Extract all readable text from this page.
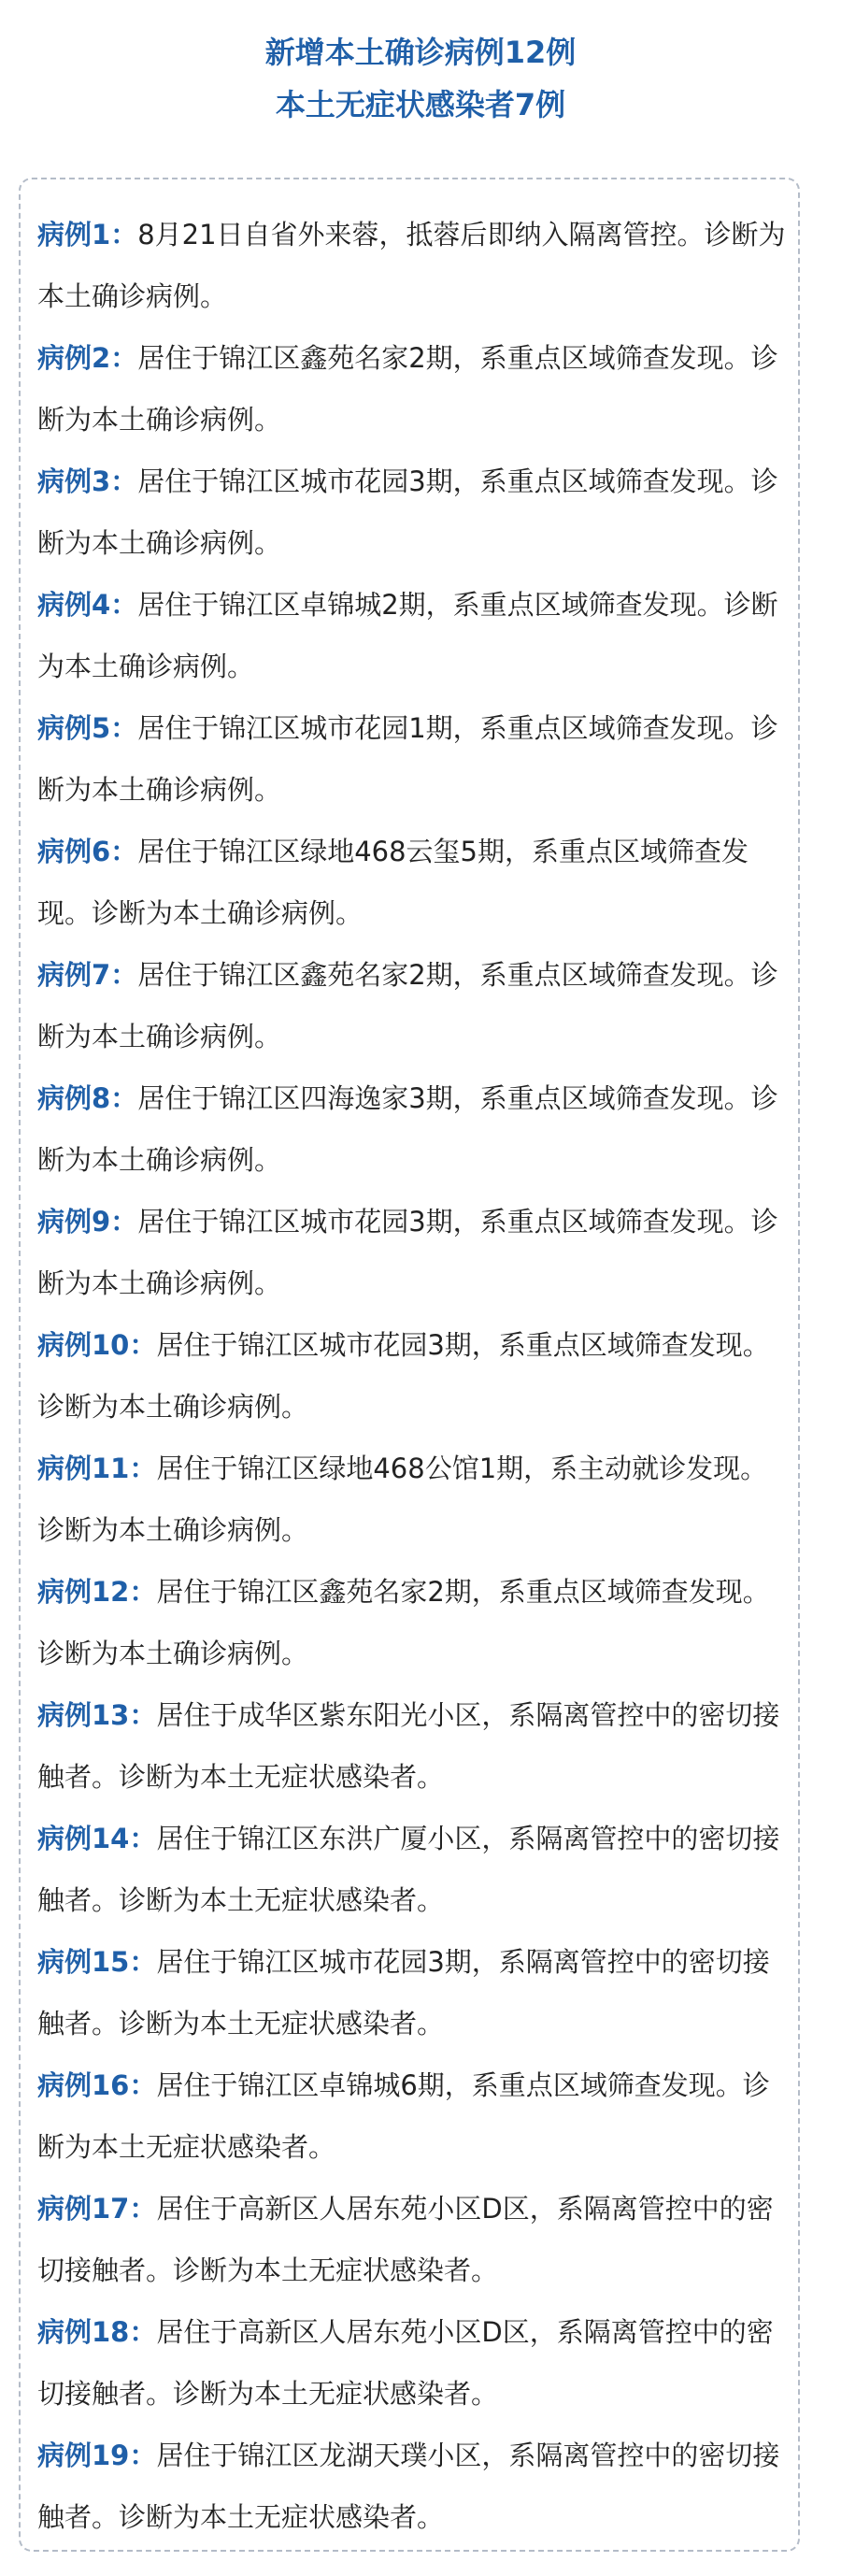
新增本土确诊病例12例
本土无症状感染者7例
病例1：8月21日自省外来蓉，抵蓉后即纳入隔离管控。诊断为本土确诊病例。
病例2：居住于锦江区鑫苑名家2期，系重点区域筛查发现。诊断为本土确诊病例。
病例3：居住于锦江区城市花园3期，系重点区域筛查发现。诊断为本土确诊病例。
病例4：居住于锦江区卓锦城2期，系重点区域筛查发现。诊断为本土确诊病例。
病例5：居住于锦江区城市花园1期，系重点区域筛查发现。诊断为本土确诊病例。
病例6：居住于锦江区绿地468云玺5期，系重点区域筛查发现。诊断为本土确诊病例。
病例7：居住于锦江区鑫苑名家2期，系重点区域筛查发现。诊断为本土确诊病例。
病例8：居住于锦江区四海逸家3期，系重点区域筛查发现。诊断为本土确诊病例。
病例9：居住于锦江区城市花园3期，系重点区域筛查发现。诊断为本土确诊病例。
病例10：居住于锦江区城市花园3期，系重点区域筛查发现。诊断为本土确诊病例。
病例11：居住于锦江区绿地468公馆1期，系主动就诊发现。诊断为本土确诊病例。
病例12：居住于锦江区鑫苑名家2期，系重点区域筛查发现。诊断为本土确诊病例。
病例13：居住于成华区紫东阳光小区，系隔离管控中的密切接触者。诊断为本土无症状感染者。
病例14：居住于锦江区东洪广厦小区，系隔离管控中的密切接触者。诊断为本土无症状感染者。
病例15：居住于锦江区城市花园3期，系隔离管控中的密切接触者。诊断为本土无症状感染者。
病例16：居住于锦江区卓锦城6期，系重点区域筛查发现。诊断为本土无症状感染者。
病例17：居住于高新区人居东苑小区D区，系隔离管控中的密切接触者。诊断为本土无症状感染者。
病例18：居住于高新区人居东苑小区D区，系隔离管控中的密切接触者。诊断为本土无症状感染者。
病例19：居住于锦江区龙湖天璞小区，系隔离管控中的密切接触者。诊断为本土无症状感染者。
